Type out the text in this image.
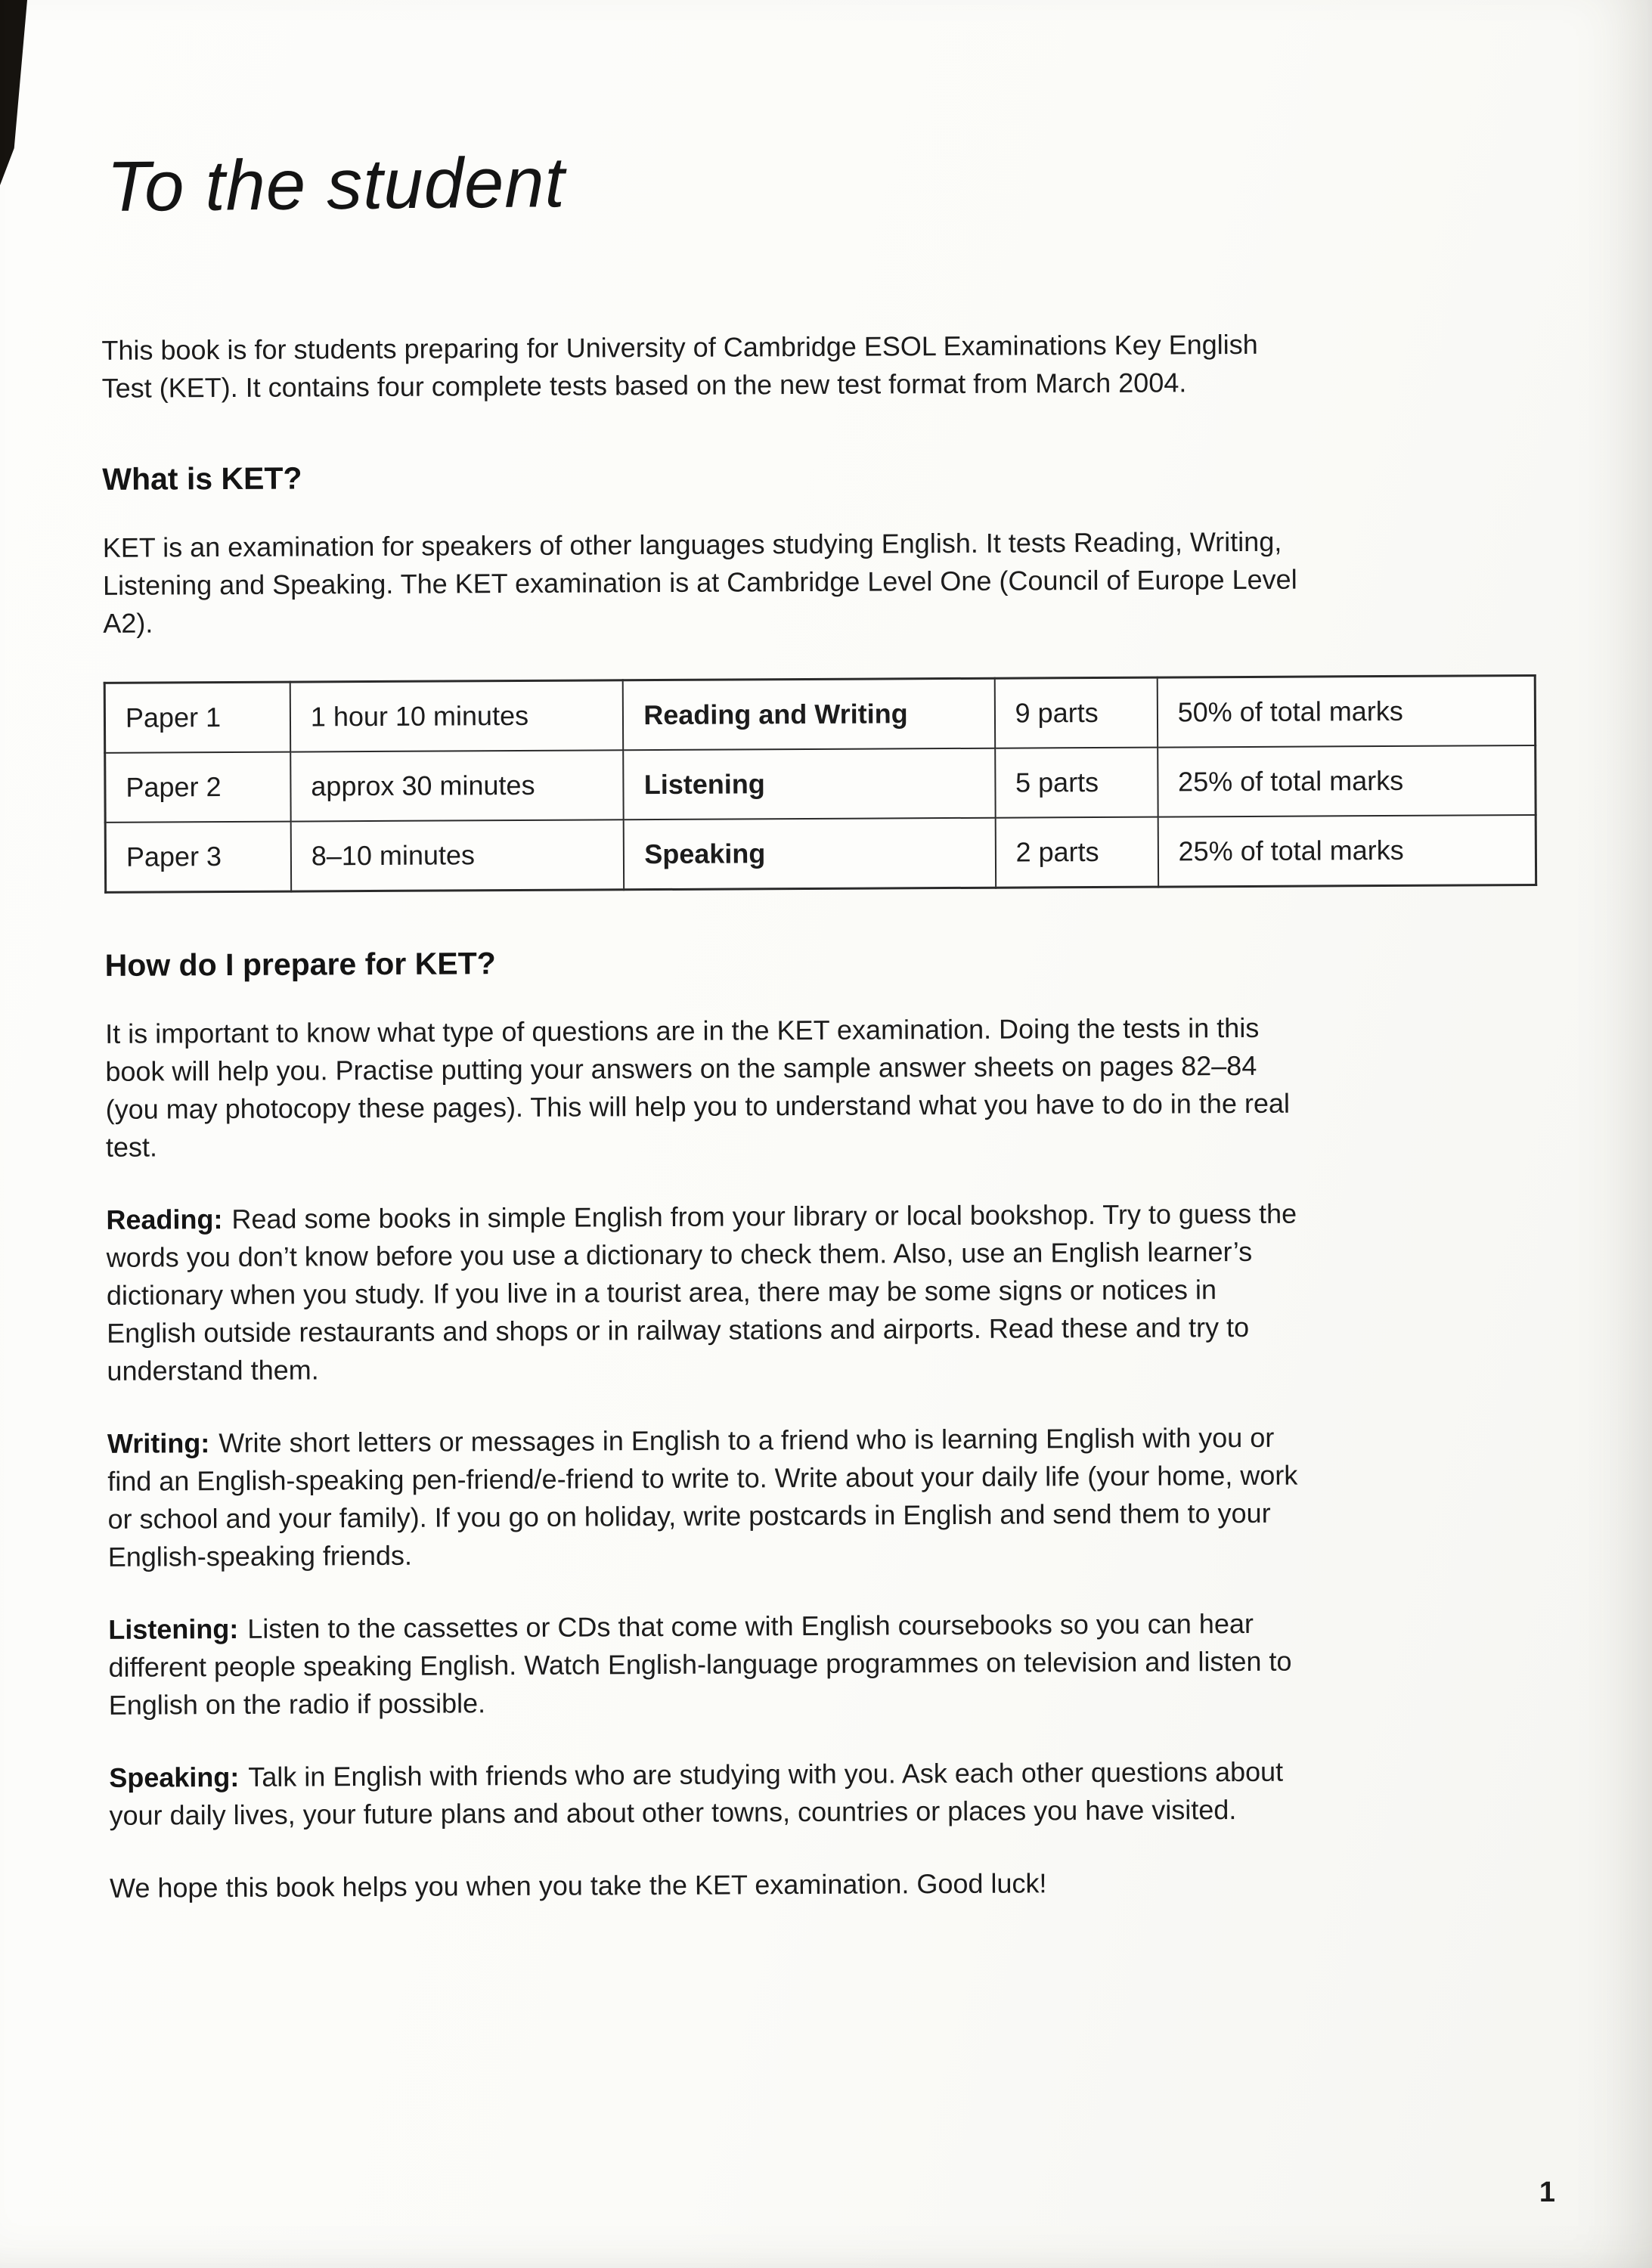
To the student

This book is for students preparing for University of Cambridge ESOL Examinations Key English Test (KET). It contains four complete tests based on the new test format from March 2004.

What is KET?

KET is an examination for speakers of other languages studying English. It tests Reading, Writing, Listening and Speaking. The KET examination is at Cambridge Level One (Council of Europe Level A2).

Paper 1	1 hour 10 minutes	Reading and Writing	9 parts	50% of total marks
Paper 2	approx 30 minutes	Listening	5 parts	25% of total marks
Paper 3	8–10 minutes	Speaking	2 parts	25% of total marks
How do I prepare for KET?

It is important to know what type of questions are in the KET examination. Doing the tests in this book will help you. Practise putting your answers on the sample answer sheets on pages 82–84 (you may photocopy these pages). This will help you to understand what you have to do in the real test.

Reading: Read some books in simple English from your library or local bookshop. Try to guess the words you don’t know before you use a dictionary to check them. Also, use an English learner’s dictionary when you study. If you live in a tourist area, there may be some signs or notices in English outside restaurants and shops or in railway stations and airports. Read these and try to understand them.

Writing: Write short letters or messages in English to a friend who is learning English with you or find an English-speaking pen-friend/e-friend to write to. Write about your daily life (your home, work or school and your family). If you go on holiday, write postcards in English and send them to your English-speaking friends.

Listening: Listen to the cassettes or CDs that come with English coursebooks so you can hear different people speaking English. Watch English-language programmes on television and listen to English on the radio if possible.

Speaking: Talk in English with friends who are studying with you. Ask each other questions about your daily lives, your future plans and about other towns, countries or places you have visited.

We hope this book helps you when you take the KET examination. Good luck!

1
